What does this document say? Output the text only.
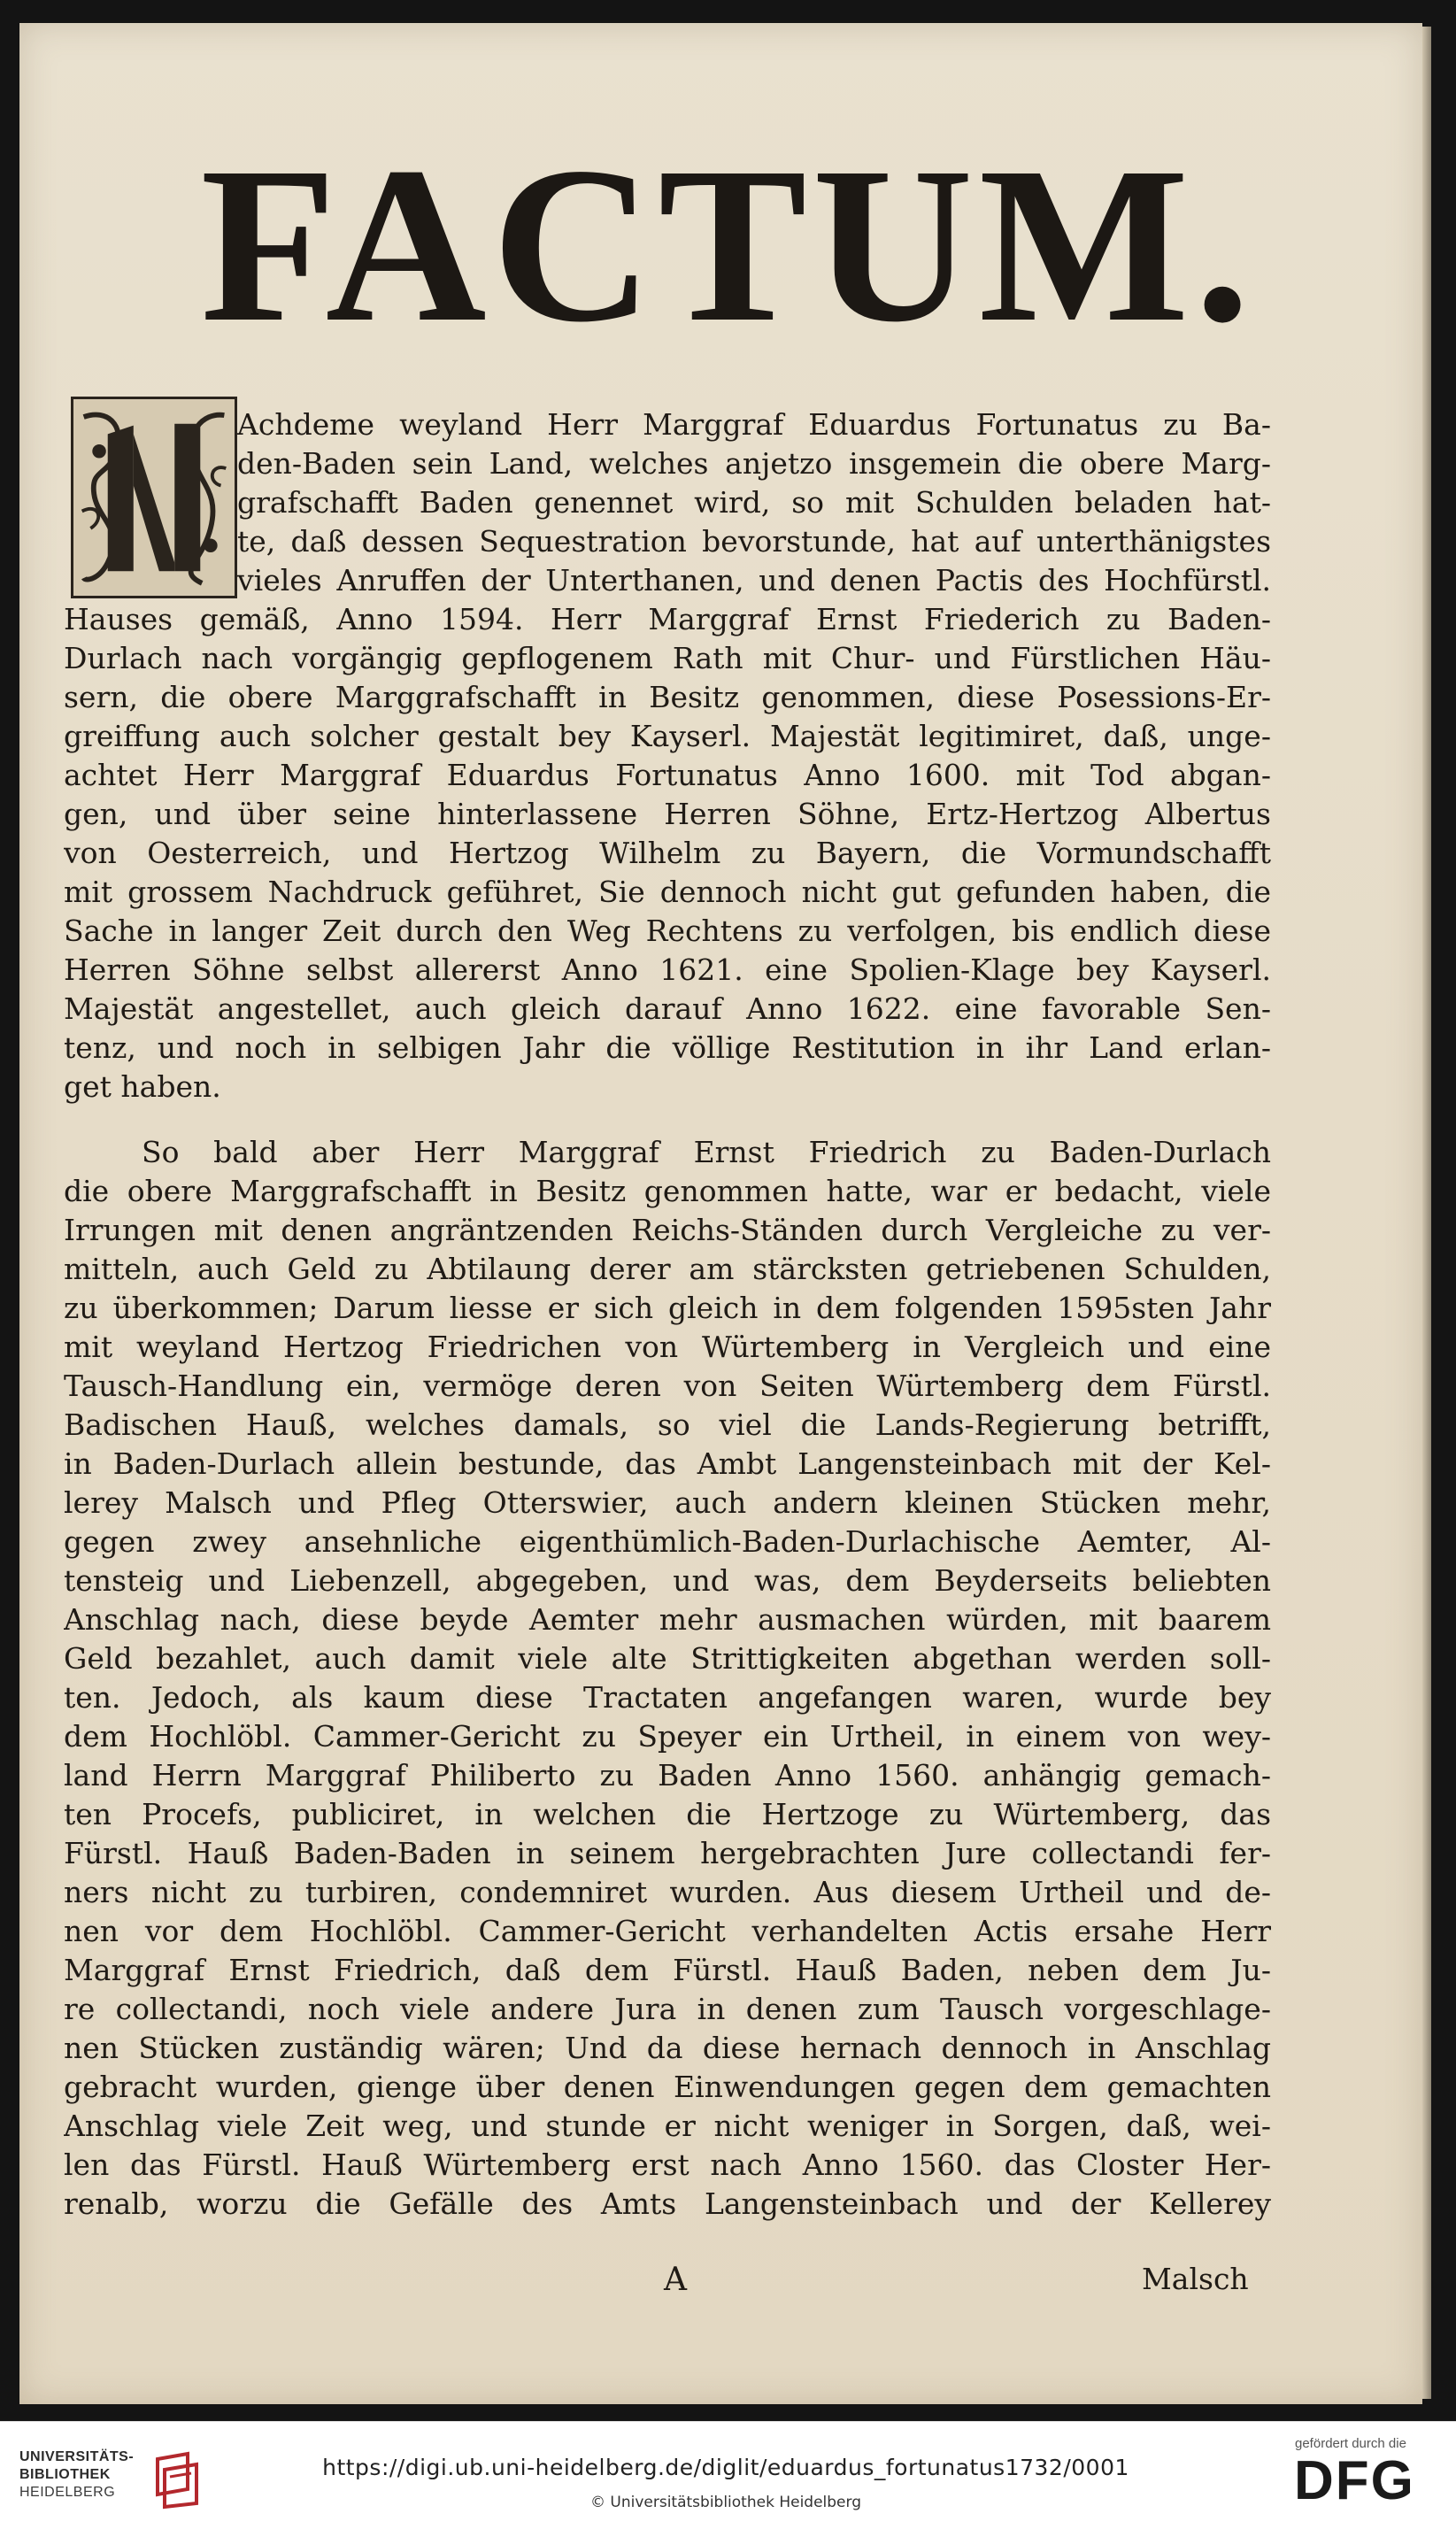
FACTUM.
Achdeme weyland Herr Marggraf Eduardus Fortunatus zu Ba-
den-Baden sein Land, welches anjetzo insgemein die obere Marg-
grafschafft Baden genennet wird, so mit Schulden beladen hat-
te, daß dessen Sequestration bevorstunde, hat auf unterthänigstes
vieles Anruffen der Unterthanen, und denen Pactis des Hochfürstl.
Hauses gemäß, Anno 1594. Herr Marggraf Ernst Friederich zu Baden-
Durlach nach vorgängig gepflogenem Rath mit Chur- und Fürstlichen Häu-
sern, die obere Marggrafschafft in Besitz genommen, diese Posessions-Er-
greiffung auch solcher gestalt bey Kayserl. Majestät legitimiret, daß, unge-
achtet Herr Marggraf Eduardus Fortunatus Anno 1600. mit Tod abgan-
gen, und über seine hinterlassene Herren Söhne, Ertz-Hertzog Albertus
von Oesterreich, und Hertzog Wilhelm zu Bayern, die Vormundschafft
mit grossem Nachdruck geführet, Sie dennoch nicht gut gefunden haben, die
Sache in langer Zeit durch den Weg Rechtens zu verfolgen, bis endlich diese
Herren Söhne selbst allererst Anno 1621. eine Spolien-Klage bey Kayserl.
Majestät angestellet, auch gleich darauf Anno 1622. eine favorable Sen-
tenz, und noch in selbigen Jahr die völlige Restitution in ihr Land erlan-
get haben.
So bald aber Herr Marggraf Ernst Friedrich zu Baden-Durlach
die obere Marggrafschafft in Besitz genommen hatte, war er bedacht, viele
Irrungen mit denen angräntzenden Reichs-Ständen durch Vergleiche zu ver-
mitteln, auch Geld zu Abtilaung derer am stärcksten getriebenen Schulden,
zu überkommen; Darum liesse er sich gleich in dem folgenden 1595sten Jahr
mit weyland Hertzog Friedrichen von Würtemberg in Vergleich und eine
Tausch-Handlung ein, vermöge deren von Seiten Würtemberg dem Fürstl.
Badischen Hauß, welches damals, so viel die Lands-Regierung betrifft,
in Baden-Durlach allein bestunde, das Ambt Langensteinbach mit der Kel-
lerey Malsch und Pfleg Otterswier, auch andern kleinen Stücken mehr,
gegen zwey ansehnliche eigenthümlich-Baden-Durlachische Aemter, Al-
tensteig und Liebenzell, abgegeben, und was, dem Beyderseits beliebten
Anschlag nach, diese beyde Aemter mehr ausmachen würden, mit baarem
Geld bezahlet, auch damit viele alte Strittigkeiten abgethan werden soll-
ten. Jedoch, als kaum diese Tractaten angefangen waren, wurde bey
dem Hochlöbl. Cammer-Gericht zu Speyer ein Urtheil, in einem von wey-
land Herrn Marggraf Philiberto zu Baden Anno 1560. anhängig gemach-
ten Procefs, publiciret, in welchen die Hertzoge zu Würtemberg, das
Fürstl. Hauß Baden-Baden in seinem hergebrachten Jure collectandi fer-
ners nicht zu turbiren, condemniret wurden. Aus diesem Urtheil und de-
nen vor dem Hochlöbl. Cammer-Gericht verhandelten Actis ersahe Herr
Marggraf Ernst Friedrich, daß dem Fürstl. Hauß Baden, neben dem Ju-
re collectandi, noch viele andere Jura in denen zum Tausch vorgeschlage-
nen Stücken zuständig wären; Und da diese hernach dennoch in Anschlag
gebracht wurden, gienge über denen Einwendungen gegen dem gemachten
Anschlag viele Zeit weg, und stunde er nicht weniger in Sorgen, daß, wei-
len das Fürstl. Hauß Würtemberg erst nach Anno 1560. das Closter Her-
renalb, worzu die Gefälle des Amts Langensteinbach und der Kellerey
A	Malsch
UNIVERSITÄTS-
BIBLIOTHEK
HEIDELBERG
https://digi.ub.uni-heidelberg.de/diglit/eduardus_fortunatus1732/0001
© Universitätsbibliothek Heidelberg
gefördert durch die
DFG
